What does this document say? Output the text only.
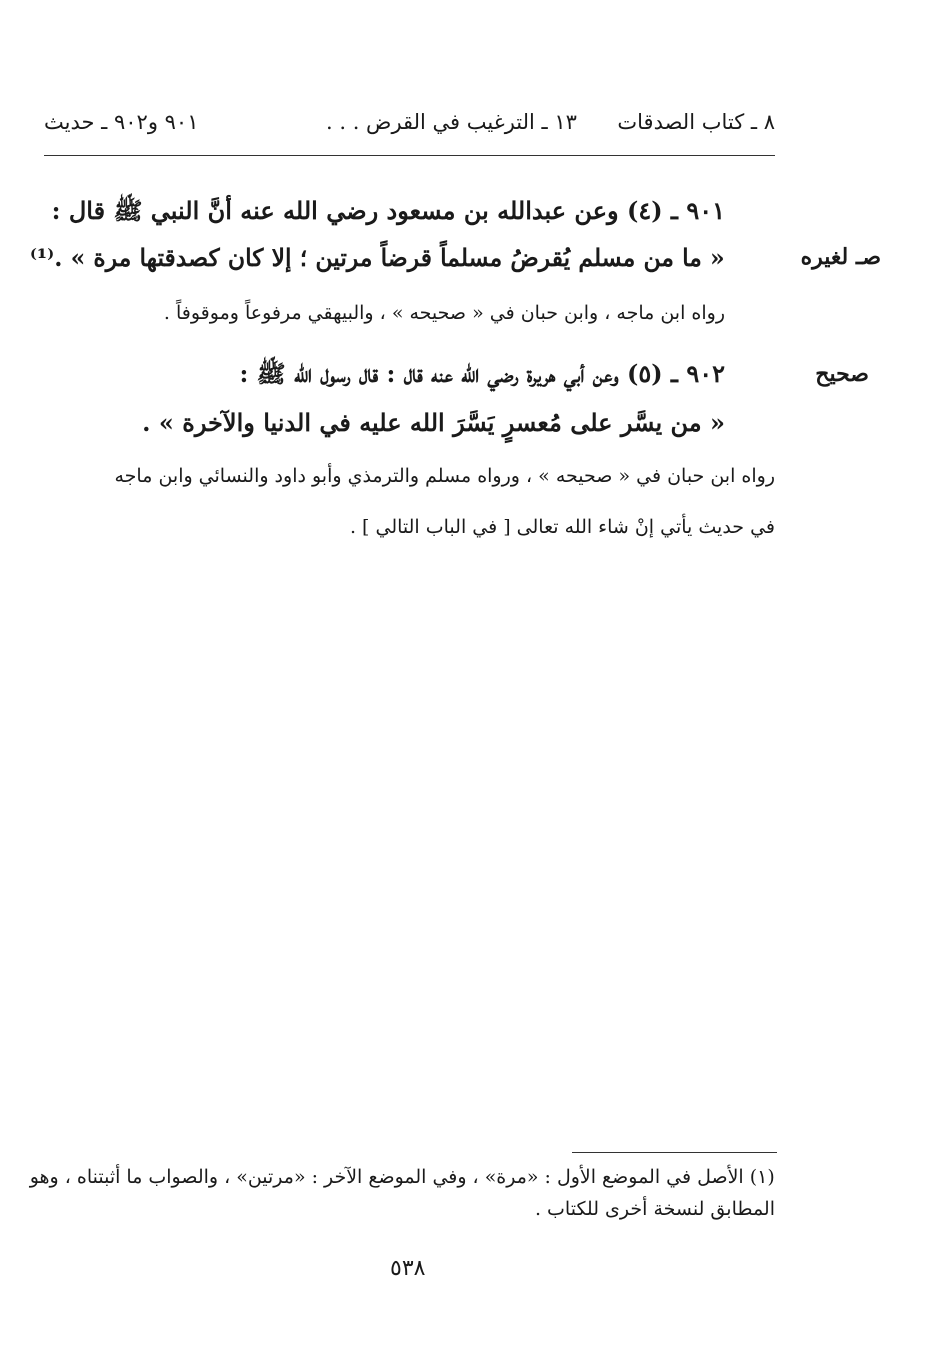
٨ ـ كتاب الصدقات
١٣ ـ الترغيب في القرض . . .
٩٠١ و٩٠٢ ـ حديث
صـ لغيره
٩٠١ ـ (٤) وعن عبدالله بن مسعود رضي الله عنه أنَّ النبي ﷺ قال :
« ما من مسلم يُقرضُ مسلماً قرضاً مرتين ؛ إلا كان كصدقتها مرة » .⁽¹⁾
رواه ابن ماجه ، وابن حبان في « صحيحه » ، والبيهقي مرفوعاً وموقوفاً .
صحيح
٩٠٢ ـ (٥) وعن أبي هريرة رضي الله عنه قال : قال رسول الله ﷺ :
« من يسَّر على مُعسرٍ يَسَّرَ الله عليه في الدنيا والآخرة » .
رواه ابن حبان في « صحيحه » ، ورواه مسلم والترمذي وأبو داود والنسائي وابن ماجه
في حديث يأتي إنْ شاء الله تعالى [ في الباب التالي ] .
(١) الأصل في الموضع الأول : «مرة» ، وفي الموضع الآخر : «مرتين» ، والصواب ما أثبتناه ، وهو
المطابق لنسخة أخرى للكتاب .
٥٣٨
